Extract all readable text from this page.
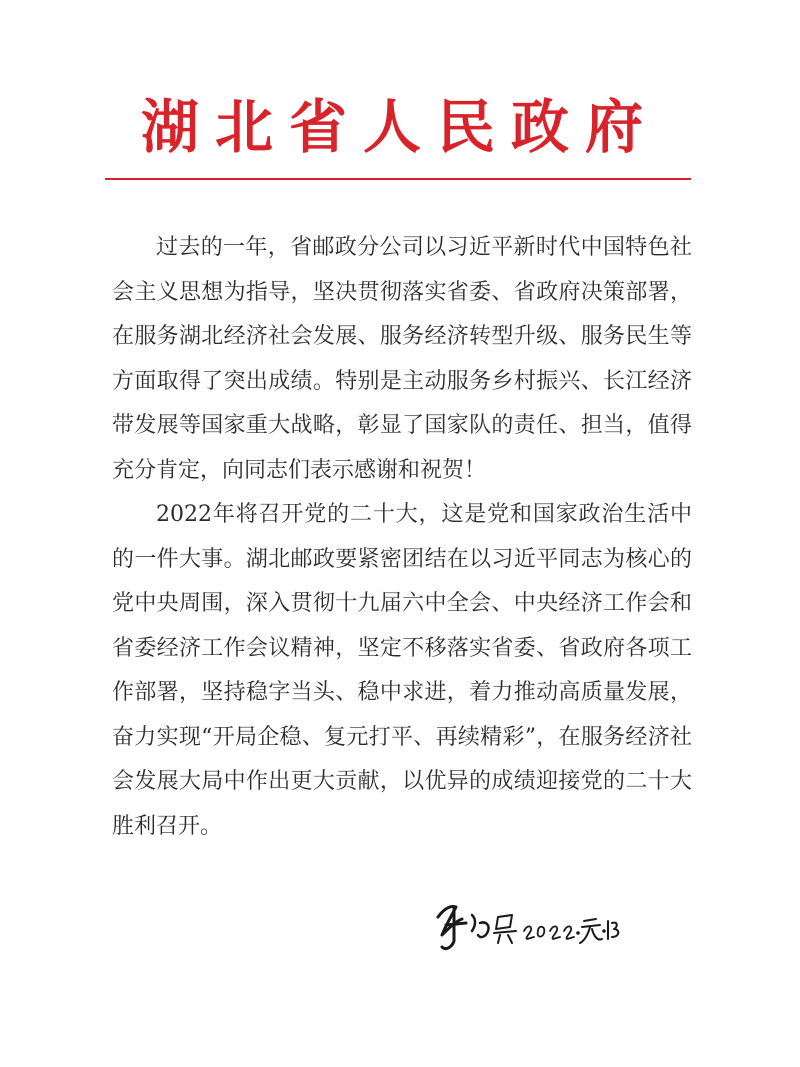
湖北省人民政府

过去的一年，省邮政分公司以习近平新时代中国特色社会主义思想为指导，坚决贯彻落实省委、省政府决策部署，在服务湖北经济社会发展、服务经济转型升级、服务民生等方面取得了突出成绩。特别是主动服务乡村振兴、长江经济带发展等国家重大战略，彰显了国家队的责任、担当，值得充分肯定，向同志们表示感谢和祝贺！

2022年将召开党的二十大，这是党和国家政治生活中的一件大事。湖北邮政要紧密团结在以习近平同志为核心的党中央周围，深入贯彻十九届六中全会、中央经济工作会和省委经济工作会议精神，坚定不移落实省委、省政府各项工作部署，坚持稳字当头、稳中求进，着力推动高质量发展，奋力实现“开局企稳、复元打平、再续精彩”，在服务经济社会发展大局中作出更大贡献，以优异的成绩迎接党的二十大胜利召开。
